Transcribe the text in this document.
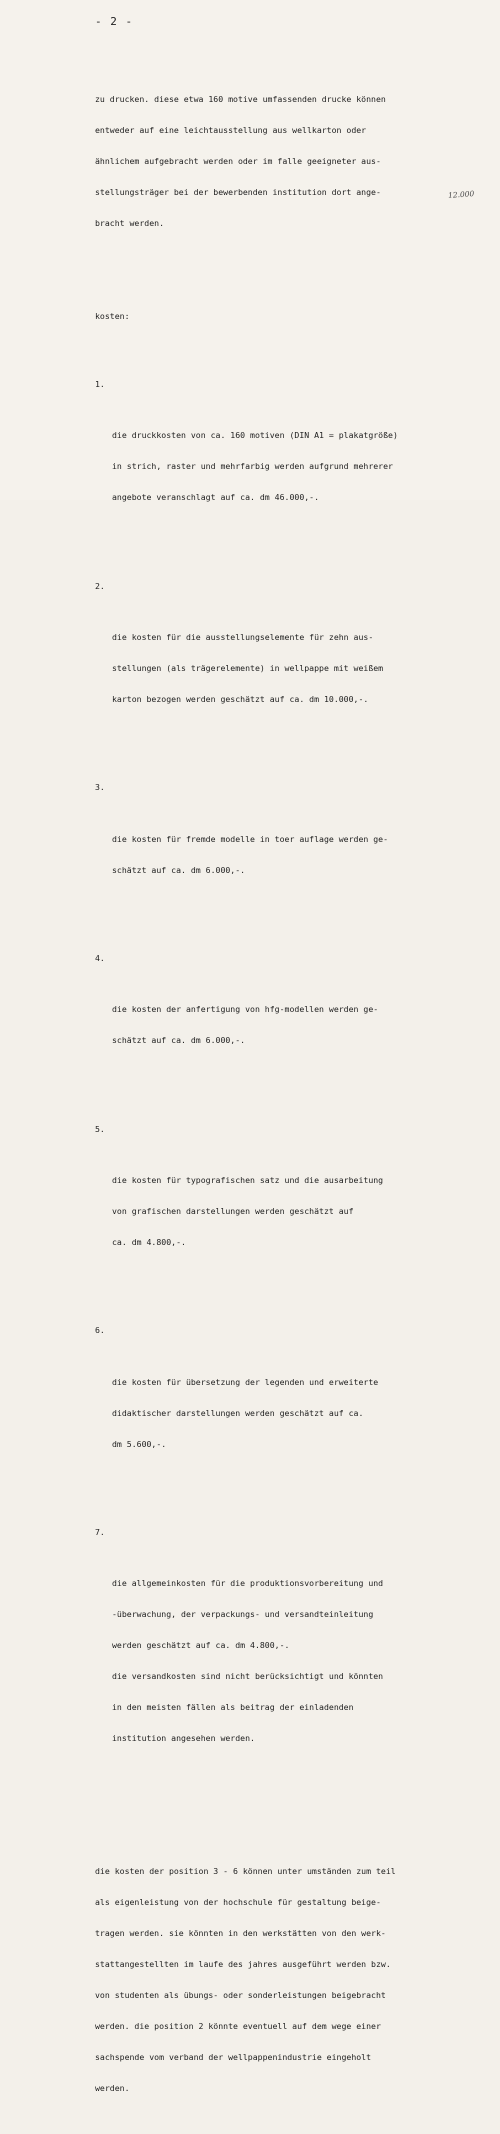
- 2 -

zu drucken. diese etwa 160 motive umfassenden drucke können

entweder auf eine leichtausstellung aus wellkarton oder

ähnlichem aufgebracht werden oder im falle geeigneter aus-

stellungsträger bei der bewerbenden institution dort ange-

bracht werden.

kosten:

1.

die druckkosten von ca. 160 motiven (DIN A1 = plakatgröße)

in strich, raster und mehrfarbig werden aufgrund mehrerer

angebote veranschlagt auf ca. dm 46.000,-.

2.

die kosten für die ausstellungselemente für zehn aus-

stellungen (als trägerelemente) in wellpappe mit weißem

karton bezogen werden geschätzt auf ca. dm 10.000,-.

3.

die kosten für fremde modelle in toer auflage werden ge-

schätzt auf ca. dm 6.000,-.

4.

die kosten der anfertigung von hfg-modellen werden ge-

schätzt auf ca. dm 6.000,-.

5.

die kosten für typografischen satz und die ausarbeitung

von grafischen darstellungen werden geschätzt auf

ca. dm 4.800,-.

6.

die kosten für übersetzung der legenden und erweiterte

didaktischer darstellungen werden geschätzt auf ca.

dm 5.600,-.

7.

die allgemeinkosten für die produktionsvorbereitung und

-überwachung, der verpackungs- und versandteinleitung

werden geschätzt auf ca. dm 4.800,-.

die versandkosten sind nicht berücksichtigt und könnten

in den meisten fällen als beitrag der einladenden

institution angesehen werden.

die kosten der position 3 - 6 können unter umständen zum teil

als eigenleistung von der hochschule für gestaltung beige-

tragen werden. sie könnten in den werkstätten von den werk-

stattangestellten im laufe des jahres ausgeführt werden bzw.

von studenten als übungs- oder sonderleistungen beigebracht

werden. die position 2 könnte eventuell auf dem wege einer

sachspende vom verband der wellpappenindustrie eingeholt

werden.

12.000
